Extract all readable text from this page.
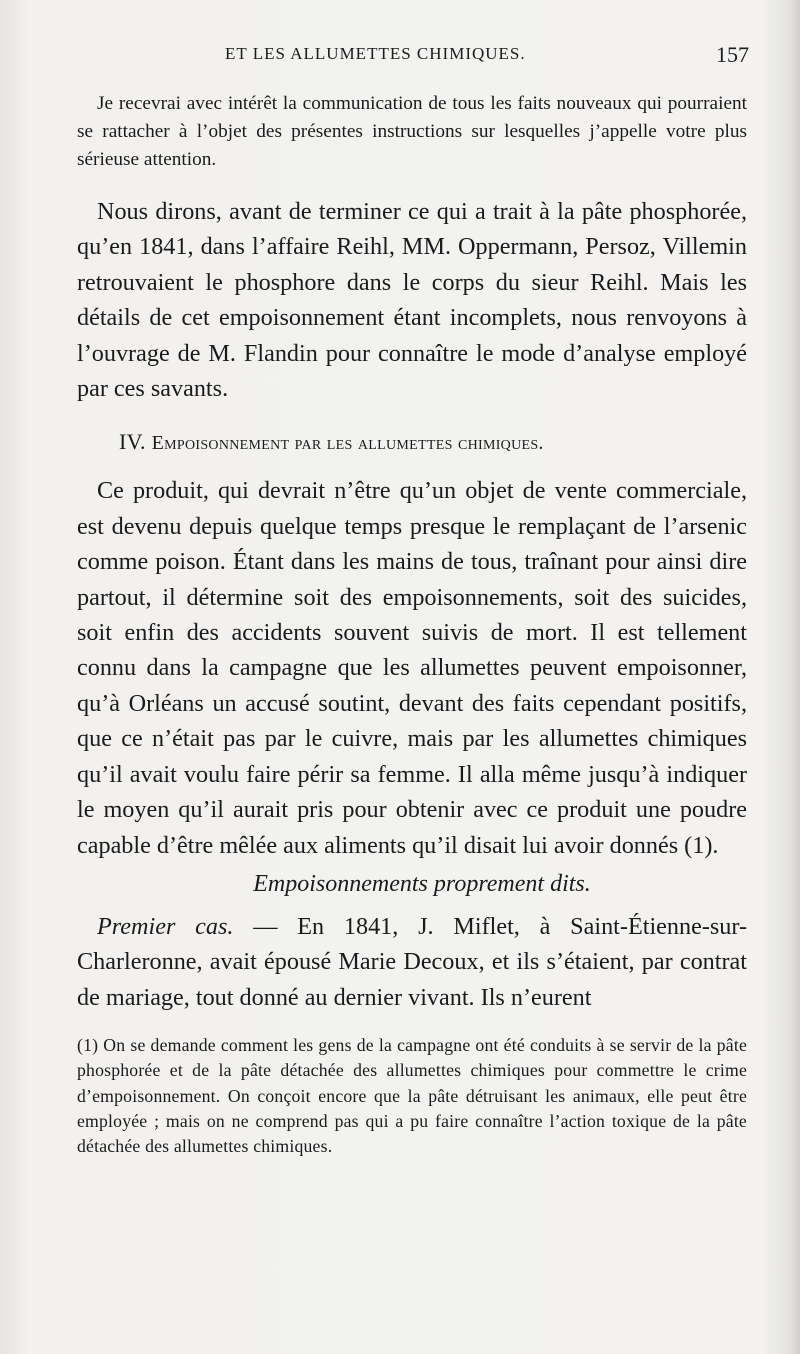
ET LES ALLUMETTES CHIMIQUES.	157

Je recevrai avec intérêt la communication de tous les faits nouveaux qui pourraient se rattacher à l’objet des présentes instructions sur lesquelles j’appelle votre plus sérieuse attention.

Nous dirons, avant de terminer ce qui a trait à la pâte phosphorée, qu’en 1841, dans l’affaire Reihl, MM. Oppermann, Persoz, Villemin retrouvaient le phosphore dans le corps du sieur Reihl. Mais les détails de cet empoisonnement étant incomplets, nous renvoyons à l’ouvrage de M. Flandin pour connaître le mode d’analyse employé par ces savants.

IV. Empoisonnement par les allumettes chimiques.

Ce produit, qui devrait n’être qu’un objet de vente commerciale, est devenu depuis quelque temps presque le remplaçant de l’arsenic comme poison. Étant dans les mains de tous, traînant pour ainsi dire partout, il détermine soit des empoisonnements, soit des suicides, soit enfin des accidents souvent suivis de mort. Il est tellement connu dans la campagne que les allumettes peuvent empoisonner, qu’à Orléans un accusé soutint, devant des faits cependant positifs, que ce n’était pas par le cuivre, mais par les allumettes chimiques qu’il avait voulu faire périr sa femme. Il alla même jusqu’à indiquer le moyen qu’il aurait pris pour obtenir avec ce produit une poudre capable d’être mêlée aux aliments qu’il disait lui avoir donnés (1).

Empoisonnements proprement dits.

Premier cas. — En 1841, J. Miflet, à Saint-Étienne-sur-Charleronne, avait épousé Marie Decoux, et ils s’étaient, par contrat de mariage, tout donné au dernier vivant. Ils n’eurent

(1) On se demande comment les gens de la campagne ont été conduits à se servir de la pâte phosphorée et de la pâte détachée des allumettes chimiques pour commettre le crime d’empoisonnement. On conçoit encore que la pâte détruisant les animaux, elle peut être employée ; mais on ne comprend pas qui a pu faire connaître l’action toxique de la pâte détachée des allumettes chimiques.
